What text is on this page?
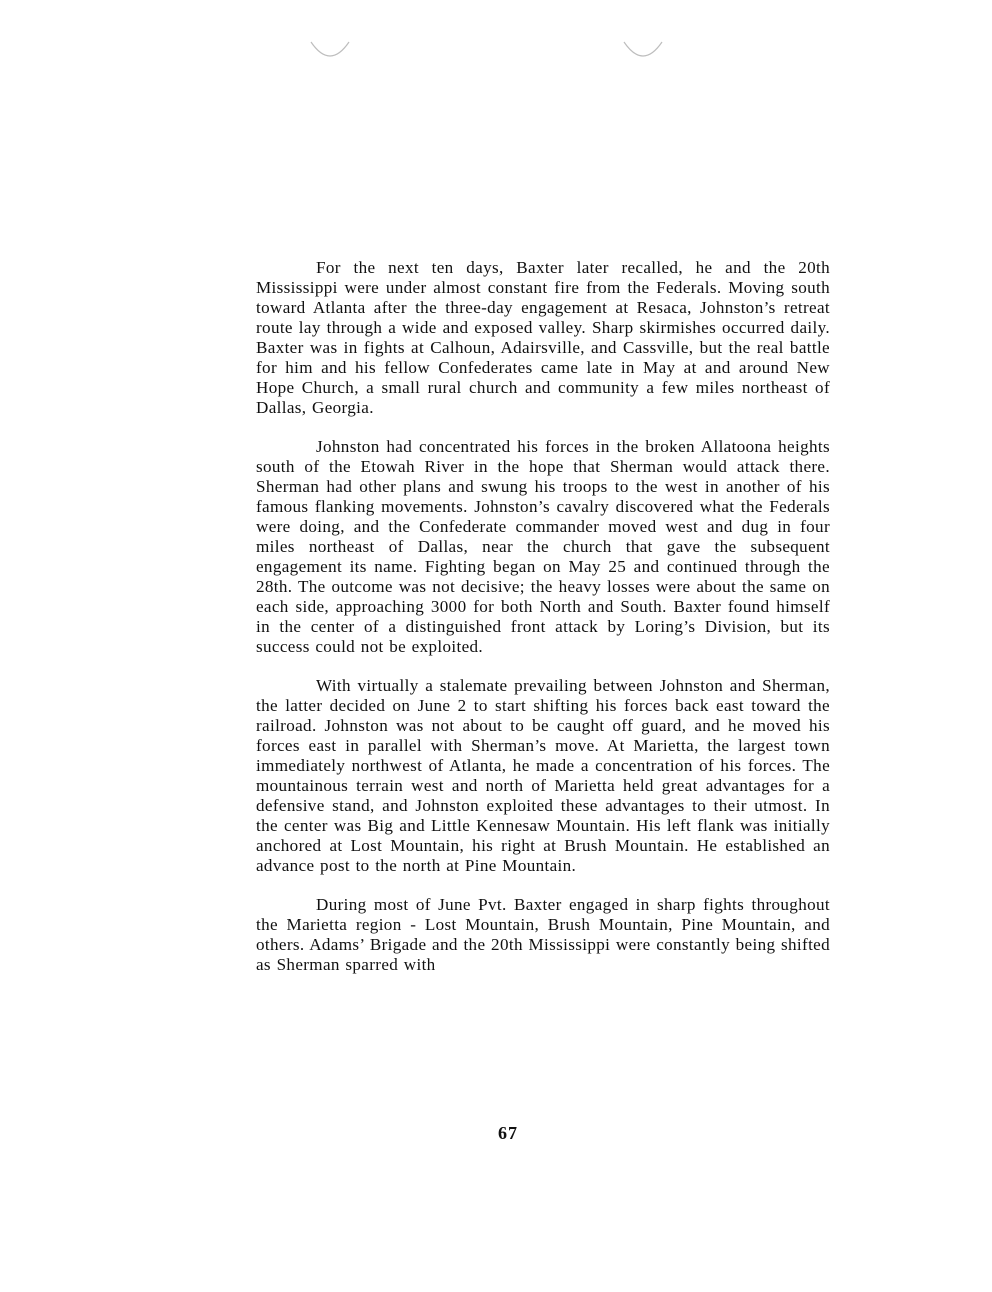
For the next ten days, Baxter later recalled, he and the 20th Mississippi were under almost constant fire from the Federals. Moving south toward Atlanta after the three-day engagement at Resaca, Johnston’s retreat route lay through a wide and exposed valley. Sharp skirmishes occurred daily. Baxter was in fights at Calhoun, Adairsville, and Cassville, but the real battle for him and his fellow Confederates came late in May at and around New Hope Church, a small rural church and community a few miles northeast of Dallas, Georgia.

Johnston had concentrated his forces in the broken Allatoona heights south of the Etowah River in the hope that Sherman would attack there. Sherman had other plans and swung his troops to the west in another of his famous flanking movements. Johnston’s cavalry discovered what the Federals were doing, and the Confederate commander moved west and dug in four miles northeast of Dallas, near the church that gave the subsequent engagement its name. Fighting began on May 25 and continued through the 28th. The outcome was not decisive; the heavy losses were about the same on each side, approaching 3000 for both North and South. Baxter found himself in the center of a distinguished front attack by Loring’s Division, but its success could not be exploited.

With virtually a stalemate prevailing between Johnston and Sherman, the latter decided on June 2 to start shifting his forces back east toward the railroad. Johnston was not about to be caught off guard, and he moved his forces east in parallel with Sherman’s move. At Marietta, the largest town immediately northwest of Atlanta, he made a concentration of his forces. The mountainous terrain west and north of Marietta held great advantages for a defensive stand, and Johnston exploited these advantages to their utmost. In the center was Big and Little Kennesaw Mountain. His left flank was initially anchored at Lost Mountain, his right at Brush Mountain. He established an advance post to the north at Pine Mountain.

During most of June Pvt. Baxter engaged in sharp fights throughout the Marietta region - Lost Mountain, Brush Mountain, Pine Mountain, and others. Adams’ Brigade and the 20th Mississippi were constantly being shifted as Sherman sparred with

67
